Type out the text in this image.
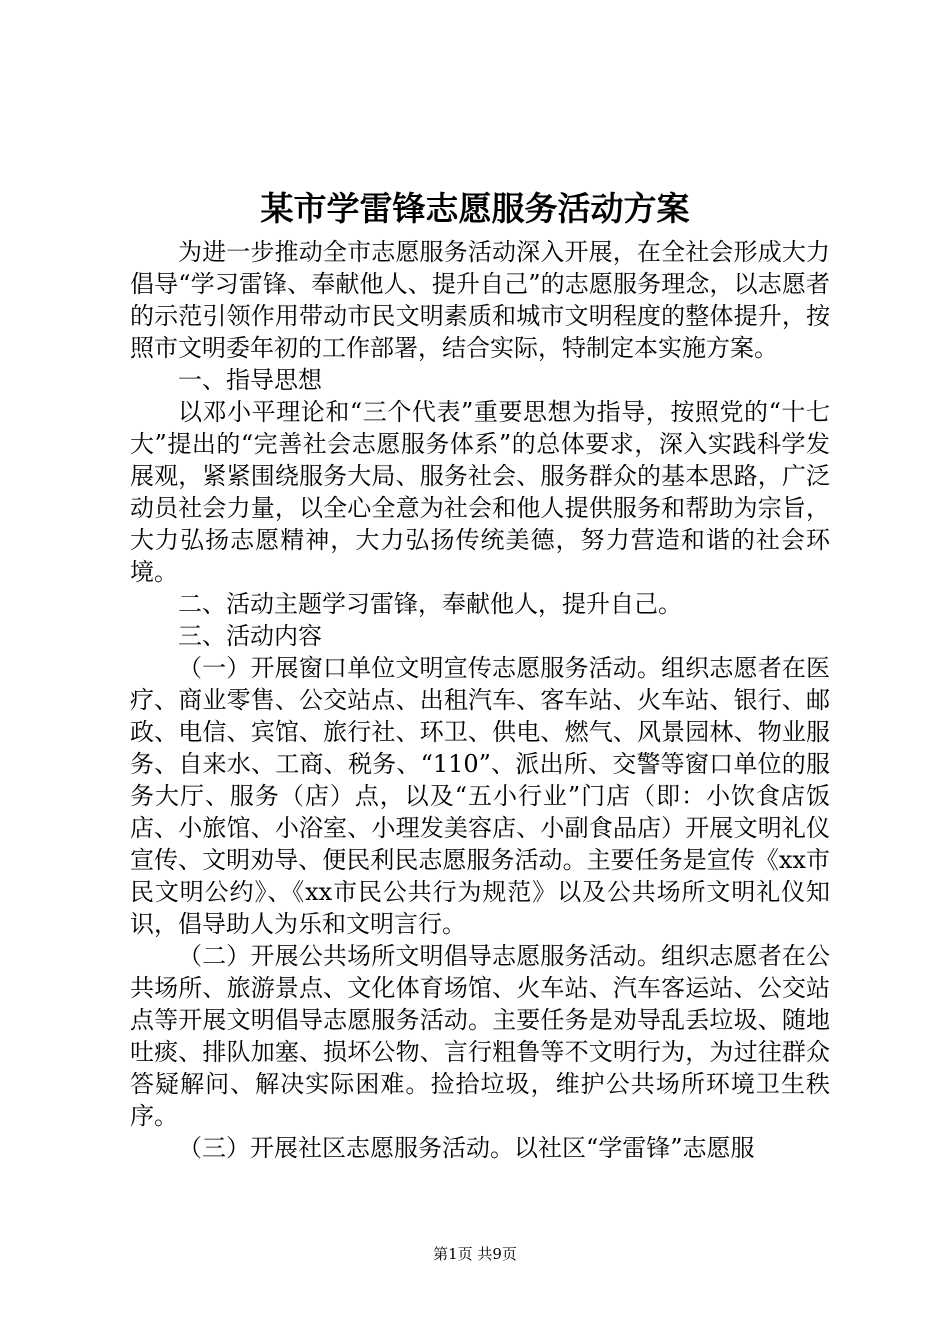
某市学雷锋志愿服务活动方案

为进一步推动全市志愿服务活动深入开展，在全社会形成大力倡导“学习雷锋、奉献他人、提升自己”的志愿服务理念，以志愿者的示范引领作用带动市民文明素质和城市文明程度的整体提升，按照市文明委年初的工作部署，结合实际，特制定本实施方案。

一、指导思想

以邓小平理论和“三个代表”重要思想为指导，按照党的“十七大”提出的“完善社会志愿服务体系”的总体要求，深入实践科学发展观，紧紧围绕服务大局、服务社会、服务群众的基本思路，广泛动员社会力量，以全心全意为社会和他人提供服务和帮助为宗旨，大力弘扬志愿精神，大力弘扬传统美德，努力营造和谐的社会环境。

二、活动主题学习雷锋，奉献他人，提升自己。

三、活动内容

（一）开展窗口单位文明宣传志愿服务活动。组织志愿者在医疗、商业零售、公交站点、出租汽车、客车站、火车站、银行、邮政、电信、宾馆、旅行社、环卫、供电、燃气、风景园林、物业服务、自来水、工商、税务、“110”、派出所、交警等窗口单位的服务大厅、服务（店）点，以及“五小行业”门店（即：小饮食店饭店、小旅馆、小浴室、小理发美容店、小副食品店）开展文明礼仪宣传、文明劝导、便民利民志愿服务活动。主要任务是宣传《xx市民文明公约》、《xx市民公共行为规范》以及公共场所文明礼仪知识，倡导助人为乐和文明言行。

（二）开展公共场所文明倡导志愿服务活动。组织志愿者在公共场所、旅游景点、文化体育场馆、火车站、汽车客运站、公交站点等开展文明倡导志愿服务活动。主要任务是劝导乱丢垃圾、随地吐痰、排队加塞、损坏公物、言行粗鲁等不文明行为，为过往群众答疑解问、解决实际困难。捡拾垃圾，维护公共场所环境卫生秩序。

（三）开展社区志愿服务活动。以社区“学雷锋”志愿服

第1页 共9页
